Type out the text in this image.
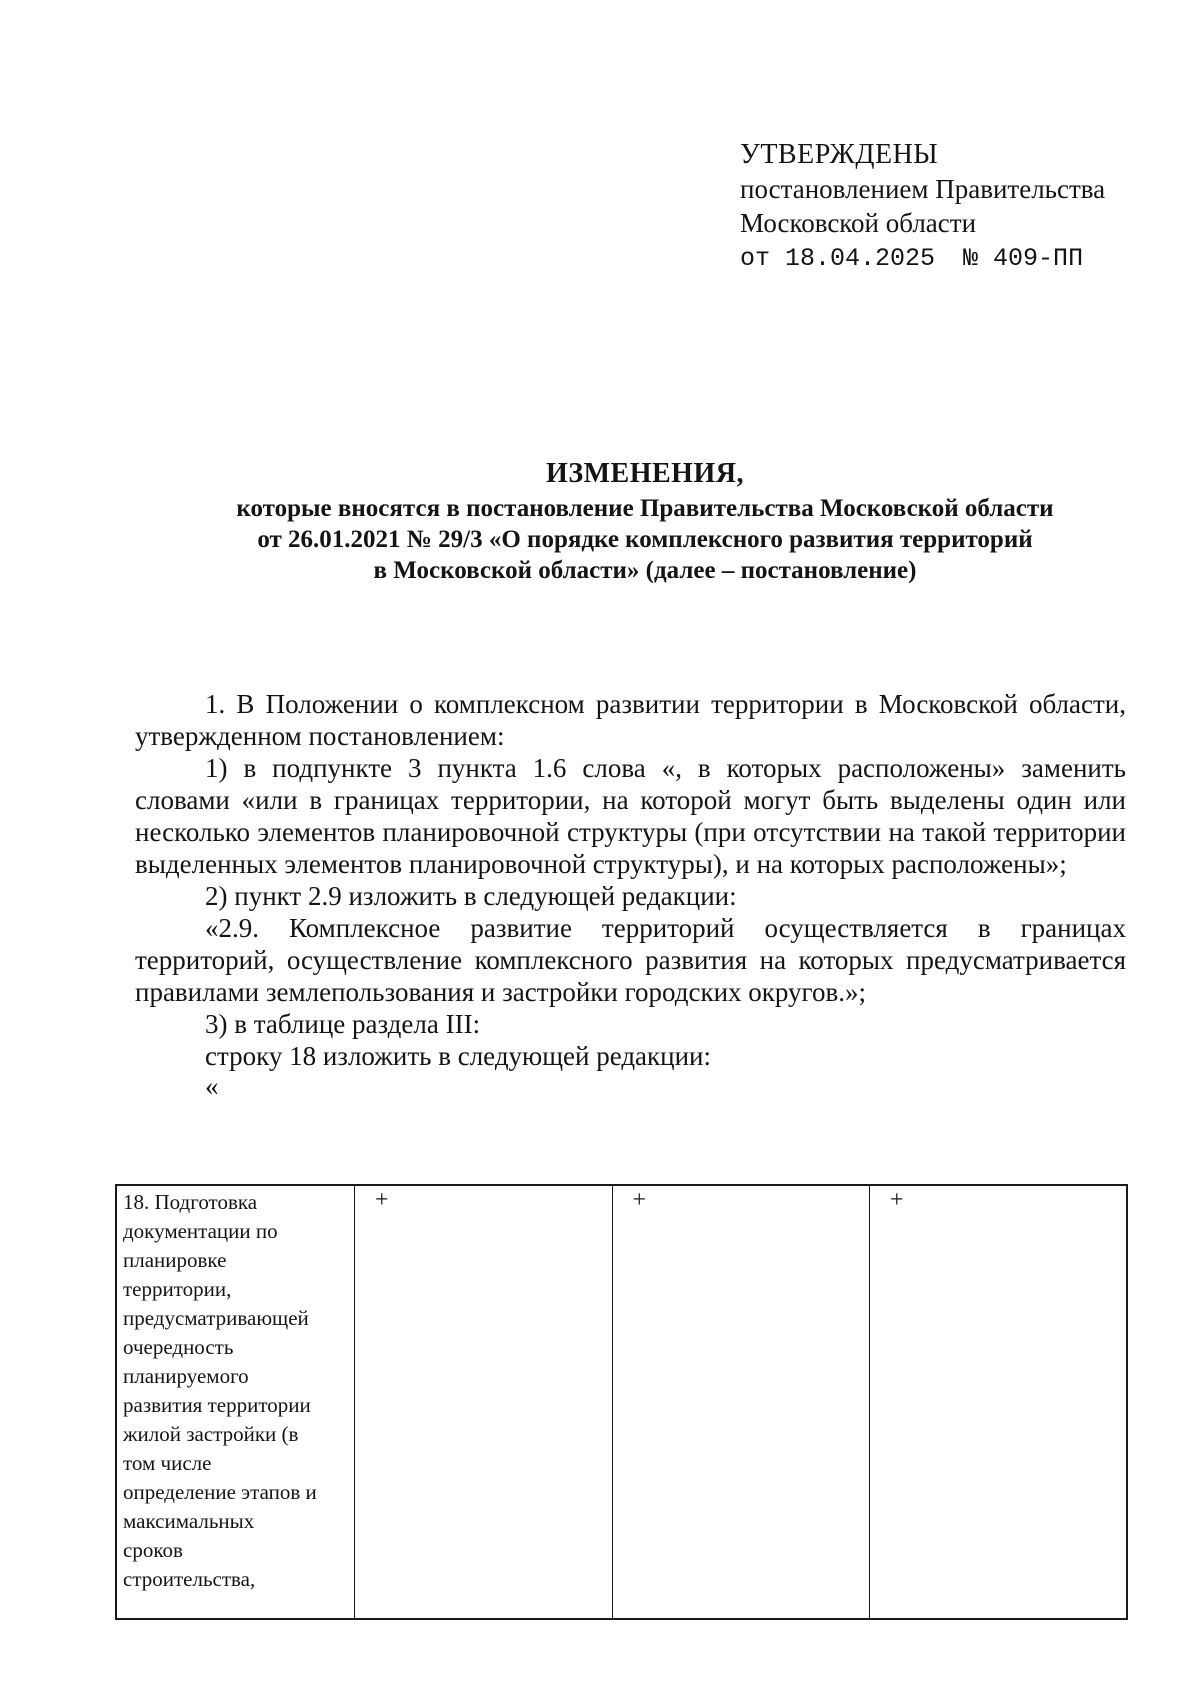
УТВЕРЖДЕНЫ
постановлением Правительства
Московской области
от 18.04.2025 № 409-ПП
ИЗМЕНЕНИЯ,
которые вносятся в постановление Правительства Московской области
от 26.01.2021 № 29/3 «О порядке комплексного развития территорий
в Московской области» (далее – постановление)

1. В Положении о комплексном развитии территории в Московской области, утвержденном постановлением:

1) в подпункте 3 пункта 1.6 слова «, в которых расположены» заменить словами «или в границах территории, на которой могут быть выделены один или несколько элементов планировочной структуры (при отсутствии на такой территории выделенных элементов планировочной структуры), и на которых расположены»;

2) пункт 2.9 изложить в следующей редакции:

«2.9. Комплексное развитие территорий осуществляется в границах территорий, осуществление комплексного развития на которых предусматривается правилами землепользования и застройки городских округов.»;

3) в таблице раздела III:

строку 18 изложить в следующей редакции:

«

18. Подготовка
документации по
планировке
территории,
предусматривающей
очередность
планируемого
развития территории
жилой застройки (в
том числе
определение этапов и
максимальных
сроков
строительства,
	+	+	+
